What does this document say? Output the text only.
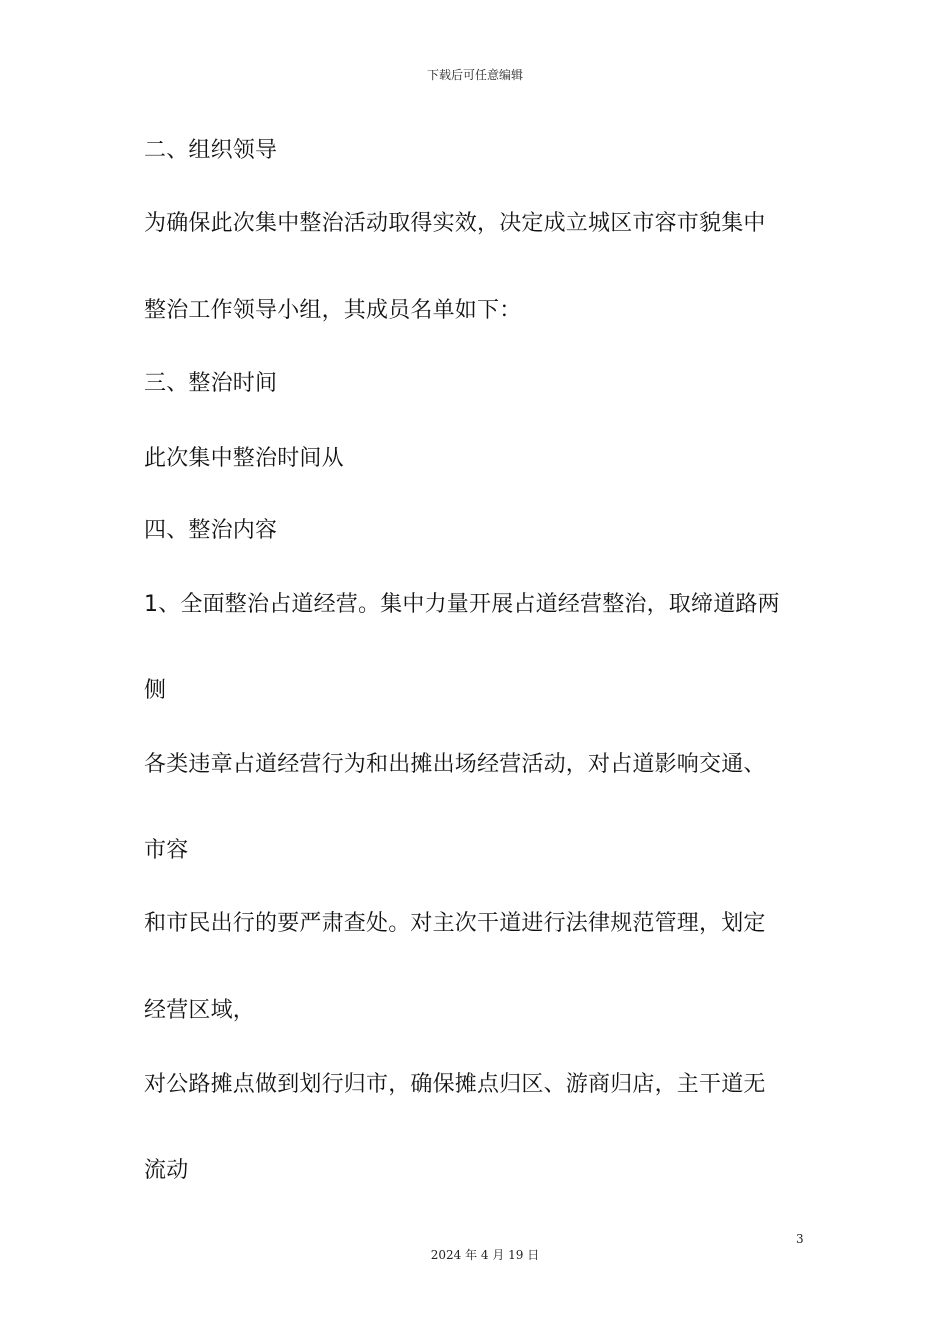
下载后可任意编辑
二、组织领导
为确保此次集中整治活动取得实效，决定成立城区市容市貌集中
整治工作领导小组，其成员名单如下：
三、整治时间
此次集中整治时间从
四、整治内容
1、全面整治占道经营。集中力量开展占道经营整治，取缔道路两
侧
各类违章占道经营行为和出摊出场经营活动，对占道影响交通、
市容
和市民出行的要严肃查处。对主次干道进行法律规范管理，划定
经营区域，
对公路摊点做到划行归市，确保摊点归区、游商归店，主干道无
流动
3
2024 年 4 月 19 日
